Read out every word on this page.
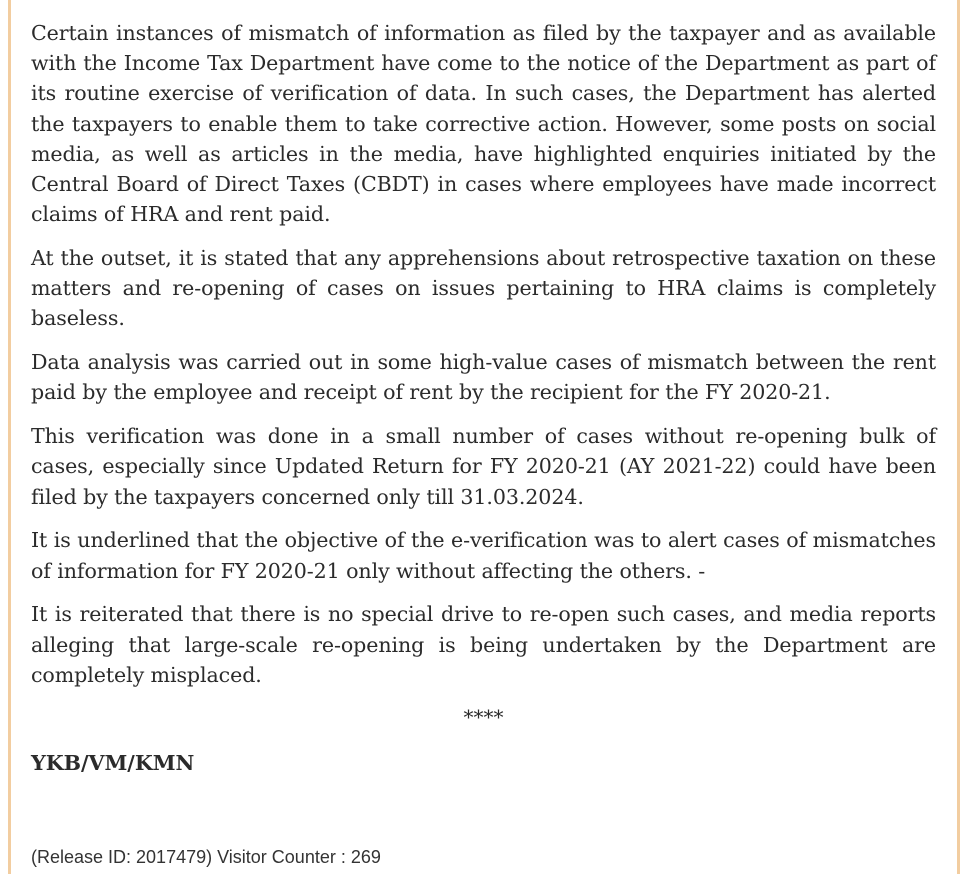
Certain instances of mismatch of information as filed by the taxpayer and as available with the Income Tax Department have come to the notice of the Department as part of its routine exercise of verification of data. In such cases, the Department has alerted the taxpayers to enable them to take corrective action. However, some posts on social media, as well as articles in the media, have highlighted enquiries initiated by the Central Board of Direct Taxes (CBDT) in cases where employees have made incorrect claims of HRA and rent paid.

At the outset, it is stated that any apprehensions about retrospective taxation on these matters and re-opening of cases on issues pertaining to HRA claims is completely baseless.

Data analysis was carried out in some high-value cases of mismatch between the rent paid by the employee and receipt of rent by the recipient for the FY 2020-21.

This verification was done in a small number of cases without re-opening bulk of cases, especially since Updated Return for FY 2020-21 (AY 2021-22) could have been filed by the taxpayers concerned only till 31.03.2024.

It is underlined that the objective of the e-verification was to alert cases of mismatches of information for FY 2020-21 only without affecting the others. -

It is reiterated that there is no special drive to re-open such cases, and media reports alleging that large-scale re-opening is being undertaken by the Department are completely misplaced.

****

YKB/VM/KMN

(Release ID: 2017479) Visitor Counter : 269
